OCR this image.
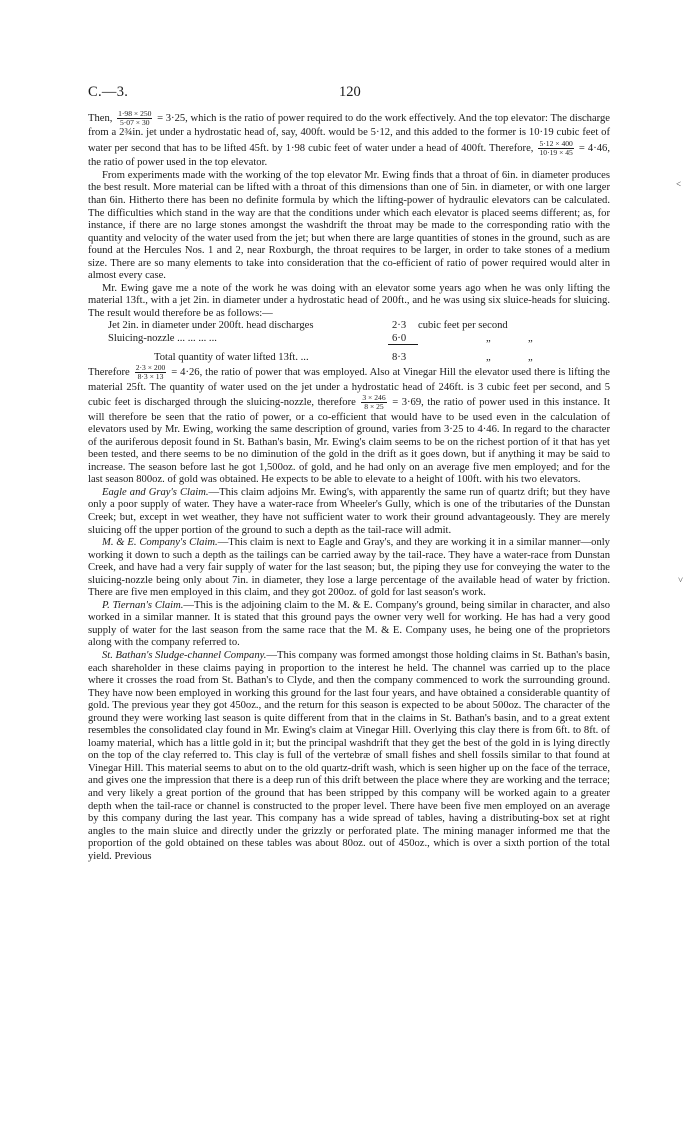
C.—3.	120

Then, $\frac{1\cdot 98 \times 250}{5\cdot 07 \times 30} = 3\cdot 25$, which is the ratio of power required to do the work effectively. And the top elevator: The discharge from a 2¾in. jet under a hydrostatic head of, say, 400ft. would be 5·12, and this added to the former is 10·19 cubic feet of water per second that has to be lifted 45ft. by 1·98 cubic feet of water under a head of 400ft. Therefore, $\frac{5\cdot 12 \times 400}{10\cdot 19 \times 45} = 4\cdot 46$, the ratio of power used in the top elevator.

From experiments made with the working of the top elevator Mr. Ewing finds that a throat of 6in. in diameter produces the best result. More material can be lifted with a throat of this dimensions than one of 5in. in diameter, or with one larger than 6in. Hitherto there has been no definite formula by which the lifting-power of hydraulic elevators can be calculated. The difficulties which stand in the way are that the conditions under which each elevator is placed seems different; as, for instance, if there are no large stones amongst the washdrift the throat may be made to the corresponding ratio with the quantity and velocity of the water used from the jet; but when there are large quantities of stones in the ground, such as are found at the Hercules Nos. 1 and 2, near Roxburgh, the throat requires to be larger, in order to take stones of a medium size. There are so many elements to take into consideration that the co-efficient of ratio of power required would alter in almost every case.

Mr. Ewing gave me a note of the work he was doing with an elevator some years ago when he was only lifting the material 13ft., with a jet 2in. in diameter under a hydrostatic head of 200ft., and he was using six sluice-heads for sluicing. The result would therefore be as follows:—

Jet 2in. in diameter under 200ft. head discharges	2·3 cubic feet per second
Sluicing-nozzle ... ... ... ...	6·0	„	„
Total quantity of water lifted 13ft. ...	8·3	„	„

Therefore $\frac{2\cdot 3 \times 200}{8\cdot 3 \times 13} = 4\cdot 26$, the ratio of power that was employed. Also at Vinegar Hill the elevator used there is lifting the material 25ft. The quantity of water used on the jet under a hydrostatic head of 246ft. is 3 cubic feet per second, and 5 cubic feet is discharged through the sluicing-nozzle, therefore $\frac{3 \times 246}{8 \times 25} = 3\cdot 69$, the ratio of power used in this instance. It will therefore be seen that the ratio of power, or a co-efficient that would have to be used even in the calculation of elevators used by Mr. Ewing, working the same description of ground, varies from 3·25 to 4·46. In regard to the character of the auriferous deposit found in St. Bathan's basin, Mr. Ewing's claim seems to be on the richest portion of it that has yet been tested, and there seems to be no diminution of the gold in the drift as it goes down, but if anything it may be said to increase. The season before last he got 1,500oz. of gold, and he had only on an average five men employed; and for the last season 800oz. of gold was obtained. He expects to be able to elevate to a height of 100ft. with his two elevators.

Eagle and Gray's Claim.—This claim adjoins Mr. Ewing's, with apparently the same run of quartz drift; but they have only a poor supply of water. They have a water-race from Wheeler's Gully, which is one of the tributaries of the Dunstan Creek; but, except in wet weather, they have not sufficient water to work their ground advantageously. They are merely sluicing off the upper portion of the ground to such a depth as the tail-race will admit.

M. & E. Company's Claim.—This claim is next to Eagle and Gray's, and they are working it in a similar manner—only working it down to such a depth as the tailings can be carried away by the tail-race. They have a water-race from Dunstan Creek, and have had a very fair supply of water for the last season; but, the piping they use for conveying the water to the sluicing-nozzle being only about 7in. in diameter, they lose a large percentage of the available head of water by friction. There are five men employed in this claim, and they got 200oz. of gold for last season's work.

P. Tiernan's Claim.—This is the adjoining claim to the M. & E. Company's ground, being similar in character, and also worked in a similar manner. It is stated that this ground pays the owner very well for working. He has had a very good supply of water for the last season from the same race that the M. & E. Company uses, he being one of the proprietors along with the company referred to.

St. Bathan's Sludge-channel Company.—This company was formed amongst those holding claims in St. Bathan's basin, each shareholder in these claims paying in proportion to the interest he held. The channel was carried up to the place where it crosses the road from St. Bathan's to Clyde, and then the company commenced to work the surrounding ground. They have now been employed in working this ground for the last four years, and have obtained a considerable quantity of gold. The previous year they got 450oz., and the return for this season is expected to be about 500oz. The character of the ground they were working last season is quite different from that in the claims in St. Bathan's basin, and to a great extent resembles the consolidated clay found in Mr. Ewing's claim at Vinegar Hill. Overlying this clay there is from 6ft. to 8ft. of loamy material, which has a little gold in it; but the principal washdrift that they get the best of the gold in is lying directly on the top of the clay referred to. This clay is full of the vertebræ of small fishes and shell fossils similar to that found at Vinegar Hill. This material seems to abut on to the old quartz-drift wash, which is seen higher up on the face of the terrace, and gives one the impression that there is a deep run of this drift between the place where they are working and the terrace; and very likely a great portion of the ground that has been stripped by this company will be worked again to a greater depth when the tail-race or channel is constructed to the proper level. There have been five men employed on an average by this company during the last year. This company has a wide spread of tables, having a distributing-box set at right angles to the main sluice and directly under the grizzly or perforated plate. The mining manager informed me that the proportion of the gold obtained on these tables was about 80oz. out of 450oz., which is over a sixth portion of the total yield. Previous

˂
˅
